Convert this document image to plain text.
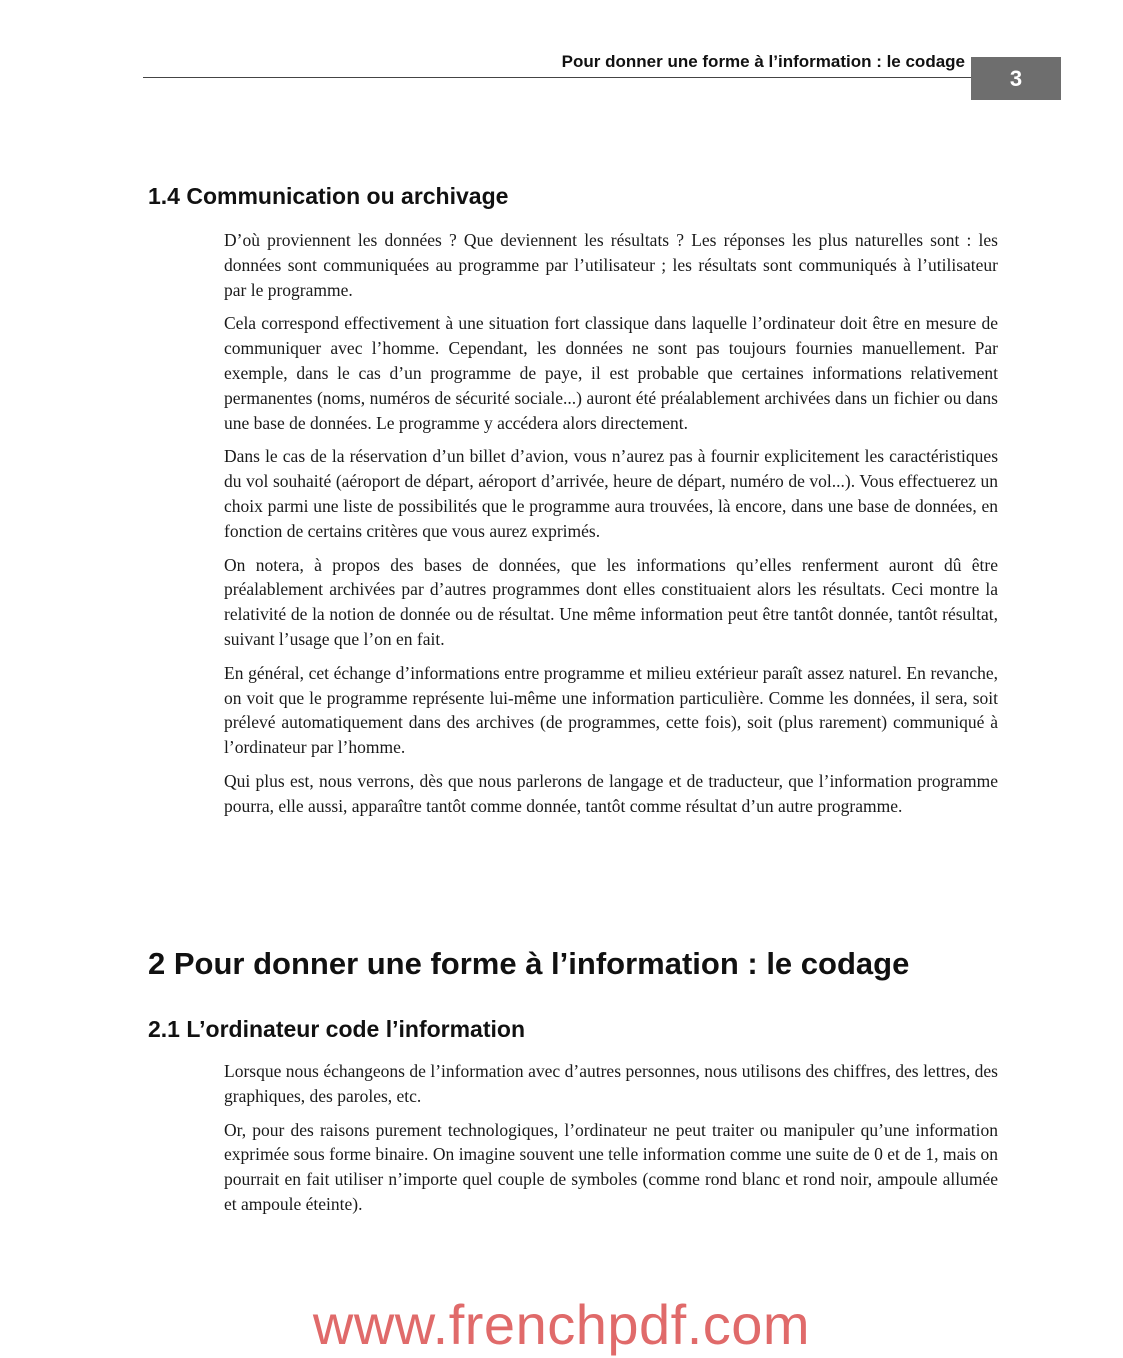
Pour donner une forme à l’information : le codage
3
1.4 Communication ou archivage

D’où proviennent les données ? Que deviennent les résultats ? Les réponses les plus naturelles sont : les données sont communiquées au programme par l’utilisateur ; les résultats sont communiqués à l’utilisateur par le programme.

Cela correspond effectivement à une situation fort classique dans laquelle l’ordinateur doit être en mesure de communiquer avec l’homme. Cependant, les données ne sont pas toujours fournies manuellement. Par exemple, dans le cas d’un programme de paye, il est probable que certaines informations relativement permanentes (noms, numéros de sécurité sociale...) auront été préalablement archivées dans un fichier ou dans une base de données. Le programme y accédera alors directement.

Dans le cas de la réservation d’un billet d’avion, vous n’aurez pas à fournir explicitement les caractéristiques du vol souhaité (aéroport de départ, aéroport d’arrivée, heure de départ, numéro de vol...). Vous effectuerez un choix parmi une liste de possibilités que le programme aura trouvées, là encore, dans une base de données, en fonction de certains critères que vous aurez exprimés.

On notera, à propos des bases de données, que les informations qu’elles renferment auront dû être préalablement archivées par d’autres programmes dont elles constituaient alors les résultats. Ceci montre la relativité de la notion de donnée ou de résultat. Une même information peut être tantôt donnée, tantôt résultat, suivant l’usage que l’on en fait.

En général, cet échange d’informations entre programme et milieu extérieur paraît assez naturel. En revanche, on voit que le programme représente lui-même une information particulière. Comme les données, il sera, soit prélevé automatiquement dans des archives (de programmes, cette fois), soit (plus rarement) communiqué à l’ordinateur par l’homme.

Qui plus est, nous verrons, dès que nous parlerons de langage et de traducteur, que l’information programme pourra, elle aussi, apparaître tantôt comme donnée, tantôt comme résultat d’un autre programme.

2 Pour donner une forme à l’information : le codage
2.1 L’ordinateur code l’information

Lorsque nous échangeons de l’information avec d’autres personnes, nous utilisons des chiffres, des lettres, des graphiques, des paroles, etc.

Or, pour des raisons purement technologiques, l’ordinateur ne peut traiter ou manipuler qu’une information exprimée sous forme binaire. On imagine souvent une telle information comme une suite de 0 et de 1, mais on pourrait en fait utiliser n’importe quel couple de symboles (comme rond blanc et rond noir, ampoule allumée et ampoule éteinte).

www.frenchpdf.com
